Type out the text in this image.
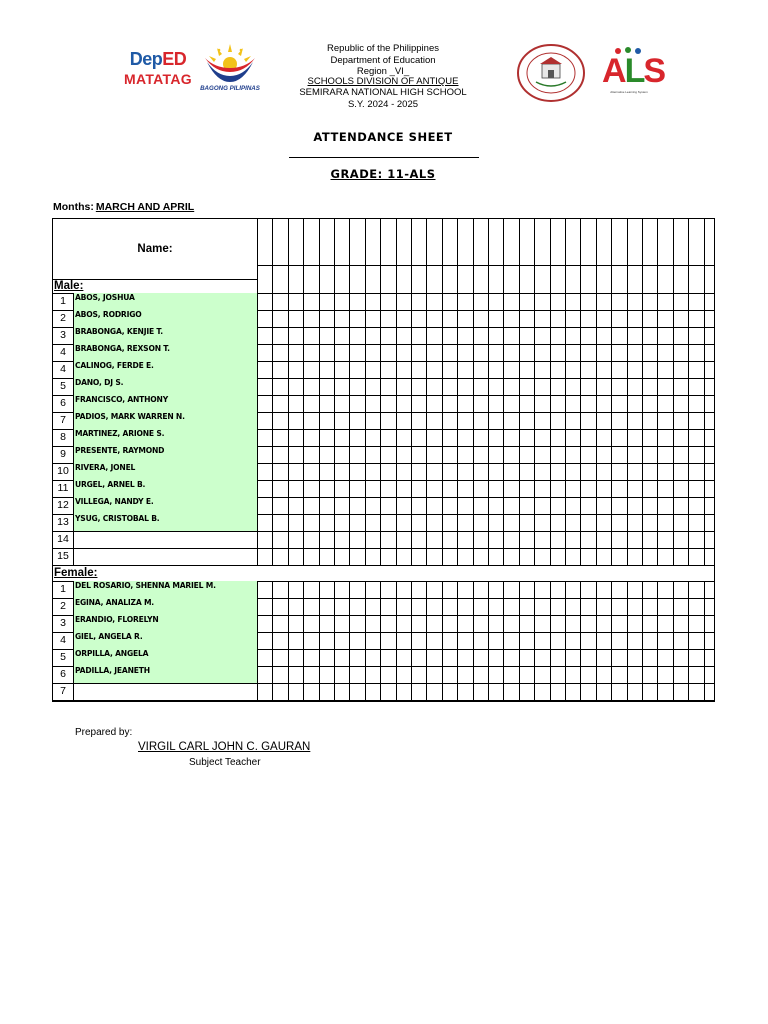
DepED

MATATAG

BAGONG PILIPINAS
Republic of the Philippines
Department of Education
Region _VI_
SCHOOLS DIVISION OF ANTIQUE
SEMIRARA NATIONAL HIGH SCHOOL
S.Y. 2024 - 2025
ALS
Alternative Learning System
ATTENDANCE SHEET
GRADE: 11-ALS
Months: MARCH AND APRIL
Name:
Male:
1	ABOS, JOSHUA
2	ABOS, RODRIGO
3	BRABONGA, KENJIE T.
4	BRABONGA, REXSON T.
4	CALINOG, FERDE E.
5	DANO, DJ S.
6	FRANCISCO, ANTHONY
7	PADIOS, MARK WARREN N.
8	MARTINEZ, ARIONE S.
9	PRESENTE, RAYMOND
10 RIVERA, JONEL
11 URGEL, ARNEL B.
12 VILLEGA, NANDY E.
13 YSUG, CRISTOBAL B.
14
15
Female:
1	DEL ROSARIO, SHENNA MARIEL M.
2	EGINA, ANALIZA M.
3	ERANDIO, FLORELYN
4	GIEL, ANGELA R.
5	ORPILLA, ANGELA
6	PADILLA, JEANETH
7
Prepared by:
VIRGIL CARL JOHN C. GAURAN
Subject Teacher
